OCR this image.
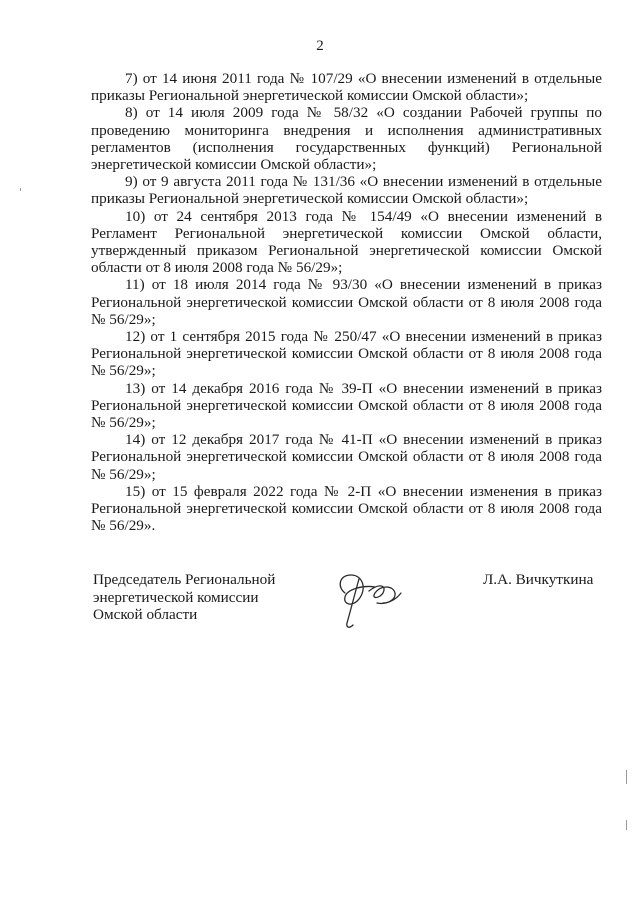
2

7) от 14 июня 2011 года № 107/29 «О внесении изменений в отдельные приказы Региональной энергетической комиссии Омской области»;

8) от 14 июля 2009 года № 58/32 «О создании Рабочей группы по проведению мониторинга внедрения и исполнения административных регламентов (исполнения государственных функций) Региональной энергетической комиссии Омской области»;

9) от 9 августа 2011 года № 131/36 «О внесении изменений в отдельные приказы Региональной энергетической комиссии Омской области»;

10) от 24 сентября 2013 года № 154/49 «О внесении изменений в Регламент Региональной энергетической комиссии Омской области, утвержденный приказом Региональной энергетической комиссии Омской области от 8 июля 2008 года № 56/29»;

11) от 18 июля 2014 года № 93/30 «О внесении изменений в приказ Региональной энергетической комиссии Омской области от 8 июля 2008 года № 56/29»;

12) от 1 сентября 2015 года № 250/47 «О внесении изменений в приказ Региональной энергетической комиссии Омской области от 8 июля 2008 года № 56/29»;

13) от 14 декабря 2016 года № 39-П «О внесении изменений в приказ Региональной энергетической комиссии Омской области от 8 июля 2008 года № 56/29»;

14) от 12 декабря 2017 года № 41-П «О внесении изменений в приказ Региональной энергетической комиссии Омской области от 8 июля 2008 года № 56/29»;

15) от 15 февраля 2022 года № 2-П «О внесении изменения в приказ Региональной энергетической комиссии Омской области от 8 июля 2008 года № 56/29».

Председатель Региональной
энергетической комиссии
Омской области
Л.А. Вичкуткина
